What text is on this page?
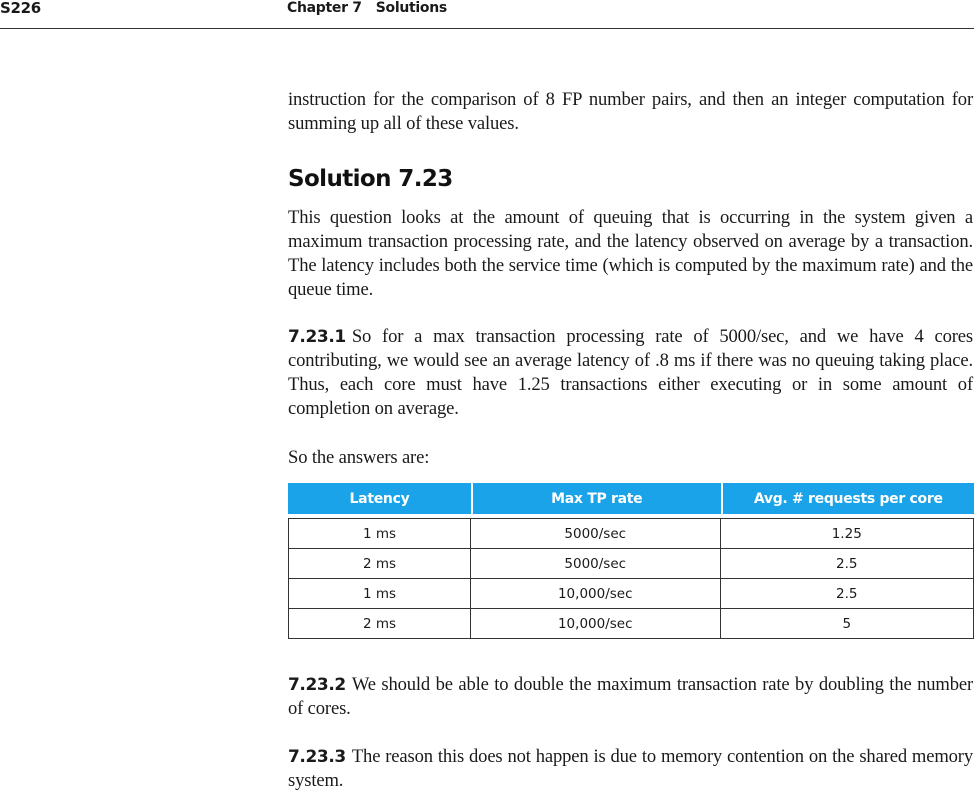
S226	Chapter 7 Solutions

instruction for the comparison of 8 FP number pairs, and then an integer computation for summing up all of these values.

Solution 7.23

This question looks at the amount of queuing that is occurring in the system given a maximum transaction processing rate, and the latency observed on average by a transaction. The latency includes both the service time (which is computed by the maximum rate) and the queue time.

7.23.1 So for a max transaction processing rate of 5000/sec, and we have 4 cores contributing, we would see an average latency of .8 ms if there was no queuing taking place. Thus, each core must have 1.25 transactions either executing or in some amount of completion on average.

So the answers are:

Latency	Max TP rate	Avg. # requests per core

1 ms	5000/sec	1.25
2 ms	5000/sec	2.5
1 ms	10,000/sec	2.5
2 ms	10,000/sec	5

7.23.2 We should be able to double the maximum transaction rate by doubling the number of cores.

7.23.3 The reason this does not happen is due to memory contention on the shared memory system.
